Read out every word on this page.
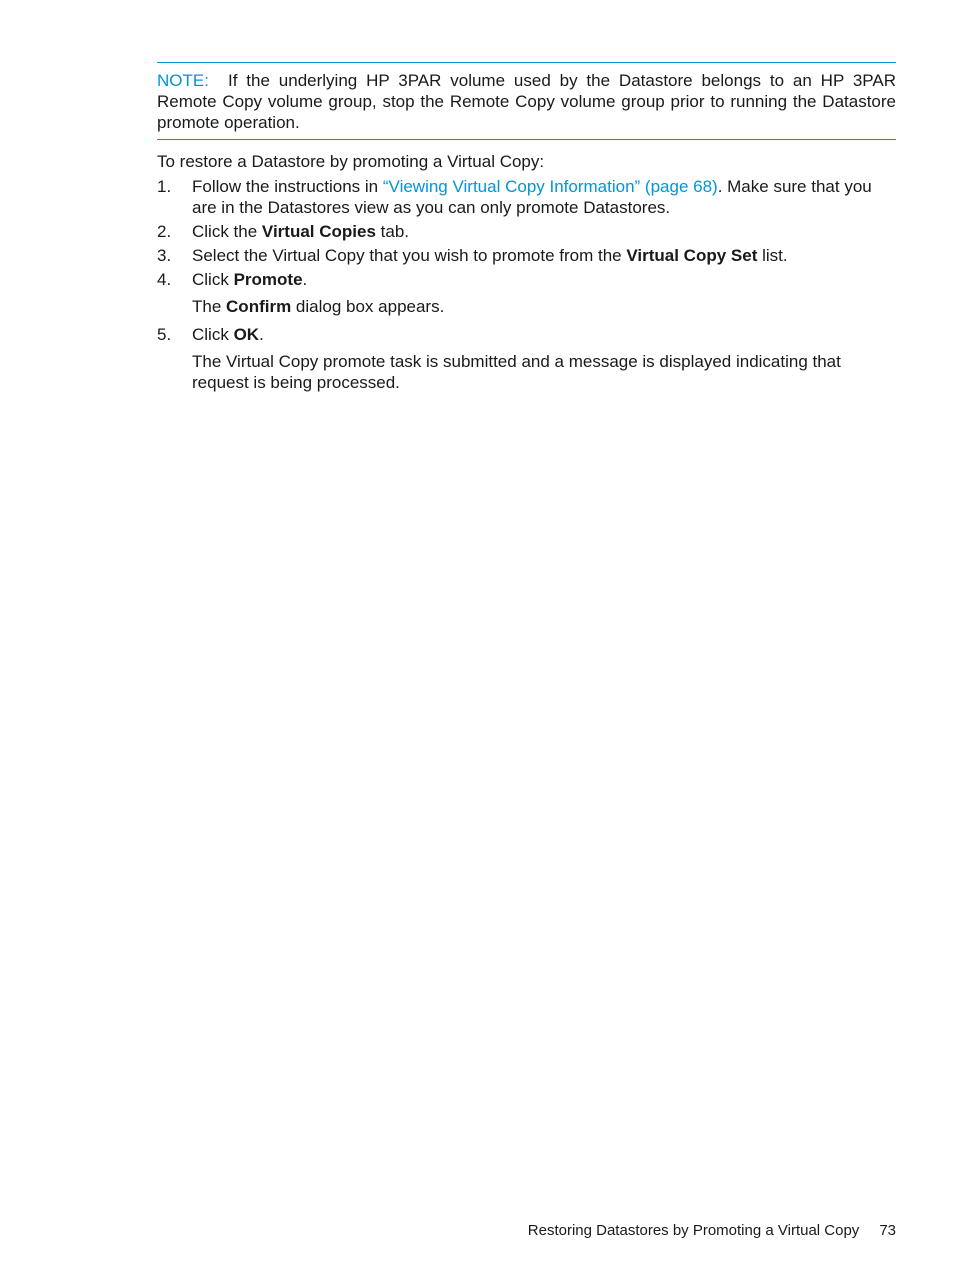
NOTE: If the underlying HP 3PAR volume used by the Datastore belongs to an HP 3PAR Remote Copy volume group, stop the Remote Copy volume group prior to running the Datastore promote operation.
To restore a Datastore by promoting a Virtual Copy:
1. Follow the instructions in “Viewing Virtual Copy Information” (page 68). Make sure that you are in the Datastores view as you can only promote Datastores.
2. Click the Virtual Copies tab.
3. Select the Virtual Copy that you wish to promote from the Virtual Copy Set list.
4. Click Promote.
The Confirm dialog box appears.
5. Click OK.
The Virtual Copy promote task is submitted and a message is displayed indicating that request is being processed.
Restoring Datastores by Promoting a Virtual Copy 73
